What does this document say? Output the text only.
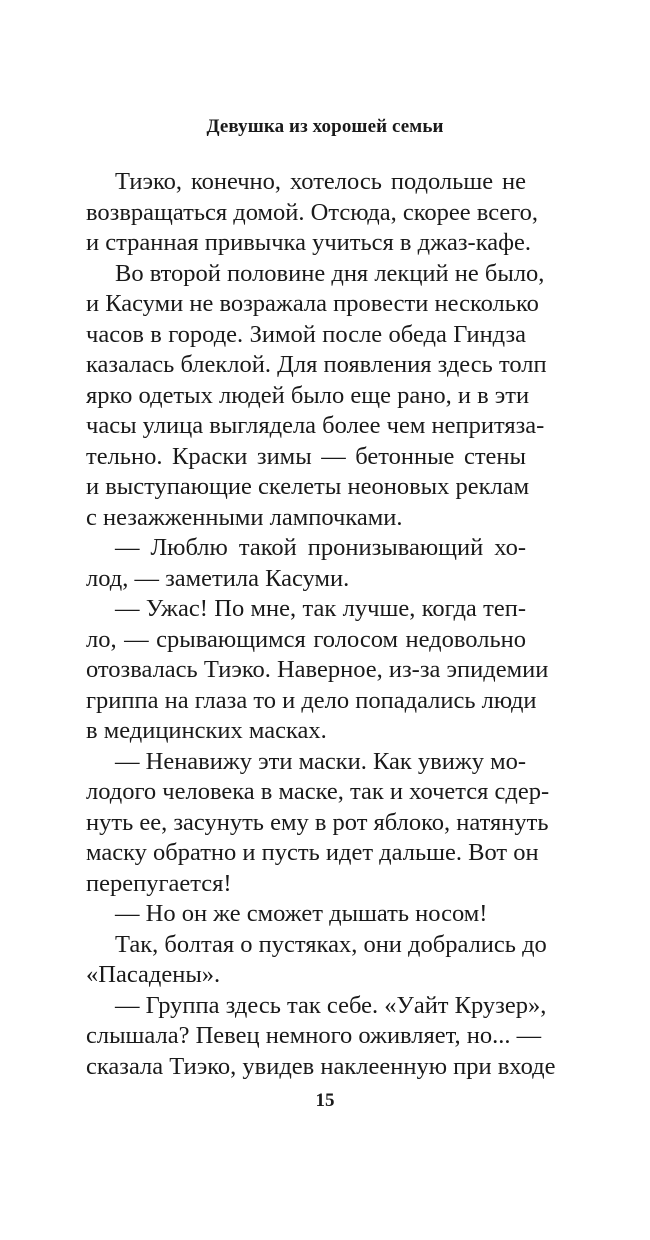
Девушка из хорошей семьи
Тиэко, конечно, хотелось подольше не
возвращаться домой. Отсюда, скорее всего,
и странная привычка учиться в джаз-кафе.
Во второй половине дня лекций не было,
и Касуми не возражала провести несколько
часов в городе. Зимой после обеда Гиндза
казалась блеклой. Для появления здесь толп
ярко одетых людей было еще рано, и в эти
часы улица выглядела более чем непритяза-
тельно. Краски зимы — бетонные стены
и выступающие скелеты неоновых реклам
с незажженными лампочками.
— Люблю такой пронизывающий хо-
лод, — заметила Касуми.
— Ужас! По мне, так лучше, когда теп-
ло, — срывающимся голосом недовольно
отозвалась Тиэко. Наверное, из-за эпидемии
гриппа на глаза то и дело попадались люди
в медицинских масках.
— Ненавижу эти маски. Как увижу мо-
лодого человека в маске, так и хочется сдер-
нуть ее, засунуть ему в рот яблоко, натянуть
маску обратно и пусть идет дальше. Вот он
перепугается!
— Но он же сможет дышать носом!
Так, болтая о пустяках, они добрались до
«Пасадены».
— Группа здесь так себе. «Уайт Крузер»,
слышала? Певец немного оживляет, но... —
сказала Тиэко, увидев наклеенную при входе
15
